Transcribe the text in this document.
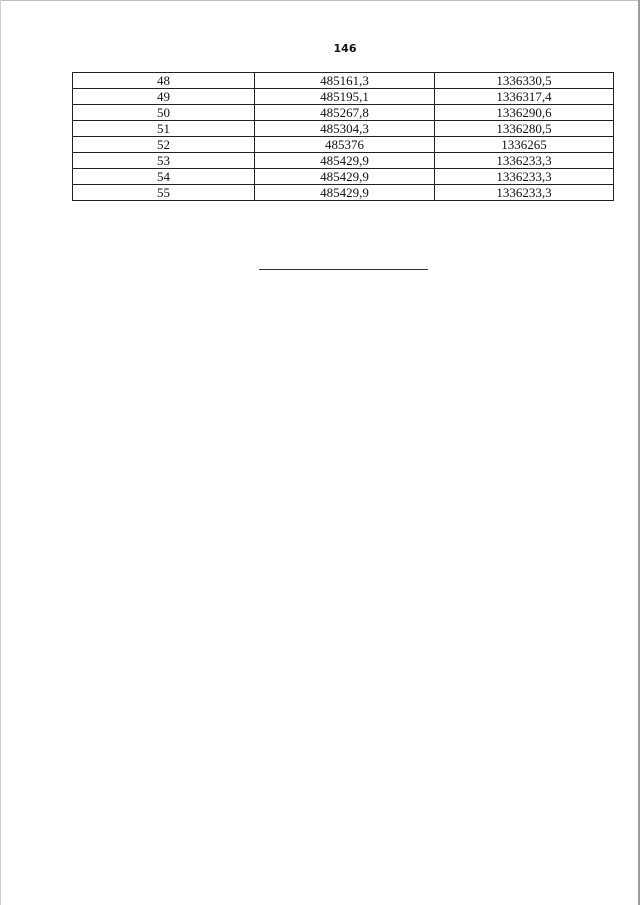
146
48	485161,3	1336330,5
49	485195,1	1336317,4
50	485267,8	1336290,6
51	485304,3	1336280,5
52	485376	1336265
53	485429,9	1336233,3
54	485429,9	1336233,3
55	485429,9	1336233,3
